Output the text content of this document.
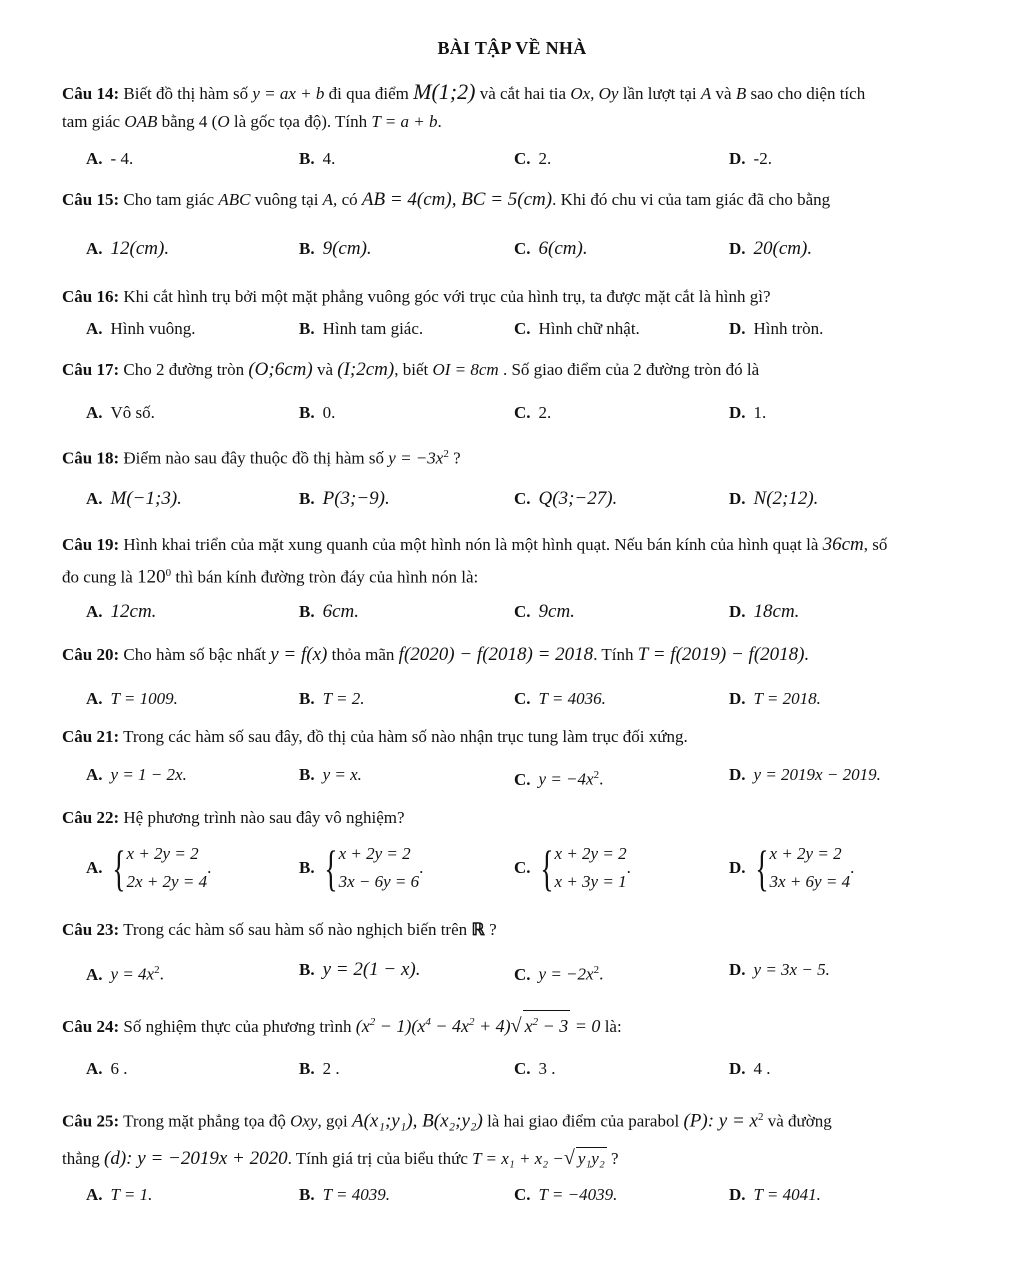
BÀI TẬP VỀ NHÀ
Câu 14: Biết đồ thị hàm số y = ax + b đi qua điểm M(1;2) và cắt hai tia Ox, Oy lần lượt tại A và B sao cho diện tích
tam giác OAB bằng 4 (O là gốc tọa độ). Tính T = a + b.
A. - 4.	B. 4.	C. 2.	D. -2.
Câu 15: Cho tam giác ABC vuông tại A, có AB = 4(cm), BC = 5(cm). Khi đó chu vi của tam giác đã cho bằng
A. 12(cm).	B. 9(cm).	C. 6(cm).	D. 20(cm).
Câu 16: Khi cắt hình trụ bởi một mặt phẳng vuông góc với trục của hình trụ, ta được mặt cắt là hình gì?
A. Hình vuông.	B. Hình tam giác.	C. Hình chữ nhật.	D. Hình tròn.
Câu 17: Cho 2 đường tròn (O;6cm) và (I;2cm), biết OI = 8cm . Số giao điểm của 2 đường tròn đó là
A. Vô số.	B. 0.	C. 2.	D. 1.
Câu 18: Điểm nào sau đây thuộc đồ thị hàm số $y = -3x^2$ ?
A. M(−1;3).	B. P(3;−9).	C. Q(3;−27).	D. N(2;12).
Câu 19: Hình khai triển của mặt xung quanh của một hình nón là một hình quạt. Nếu bán kính của hình quạt là 36cm, số
đo cung là $120^0$ thì bán kính đường tròn đáy của hình nón là:
A. 12cm.	B. 6cm.	C. 9cm.	D. 18cm.
Câu 20: Cho hàm số bậc nhất y = f(x) thỏa mãn f(2020) − f(2018) = 2018. Tính T = f(2019) − f(2018).
A. T = 1009.	B. T = 2.	C. T = 4036.	D. T = 2018.
Câu 21: Trong các hàm số sau đây, đồ thị của hàm số nào nhận trục tung làm trục đối xứng.
A. y = 1 − 2x.	B. y = x.	C. $y = -4x^2$.	D. y = 2019x − 2019.
Câu 22: Hệ phương trình nào sau đây vô nghiệm?
A. { x + 2y = 2
2x + 2y = 4
.	B. { x + 2y = 2
3x − 6y = 6
.	C. { x + 2y = 2
x + 3y = 1
.	D. { x + 2y = 2
3x + 6y = 4
.
Câu 23: Trong các hàm số sau hàm số nào nghịch biến trên ℝ ?
A. $y = 4x^2$.	B. y = 2(1 − x).	C. $y = -2x^2$.	D. y = 3x − 5.
Câu 24: Số nghiệm thực của phương trình $(x^2 - 1)(x^4 - 4x^2 + 4)√$ $x^2 - 3 = 0$ là:
A. 6 .	B. 2 .	C. 3 .	D. 4 .
Câu 25: Trong mặt phẳng tọa độ Oxy, gọi A(x₁;y₁), B(x₂;y₂) là hai giao điểm của parabol (P): $y = x^2$ và đường
thẳng (d): y = −2019x + 2020. Tính giá trị của biểu thức T = x₁ + x₂ −√ y₁y₂ ?
A. T = 1.	B. T = 4039.	C. T = −4039.	D. T = 4041.
